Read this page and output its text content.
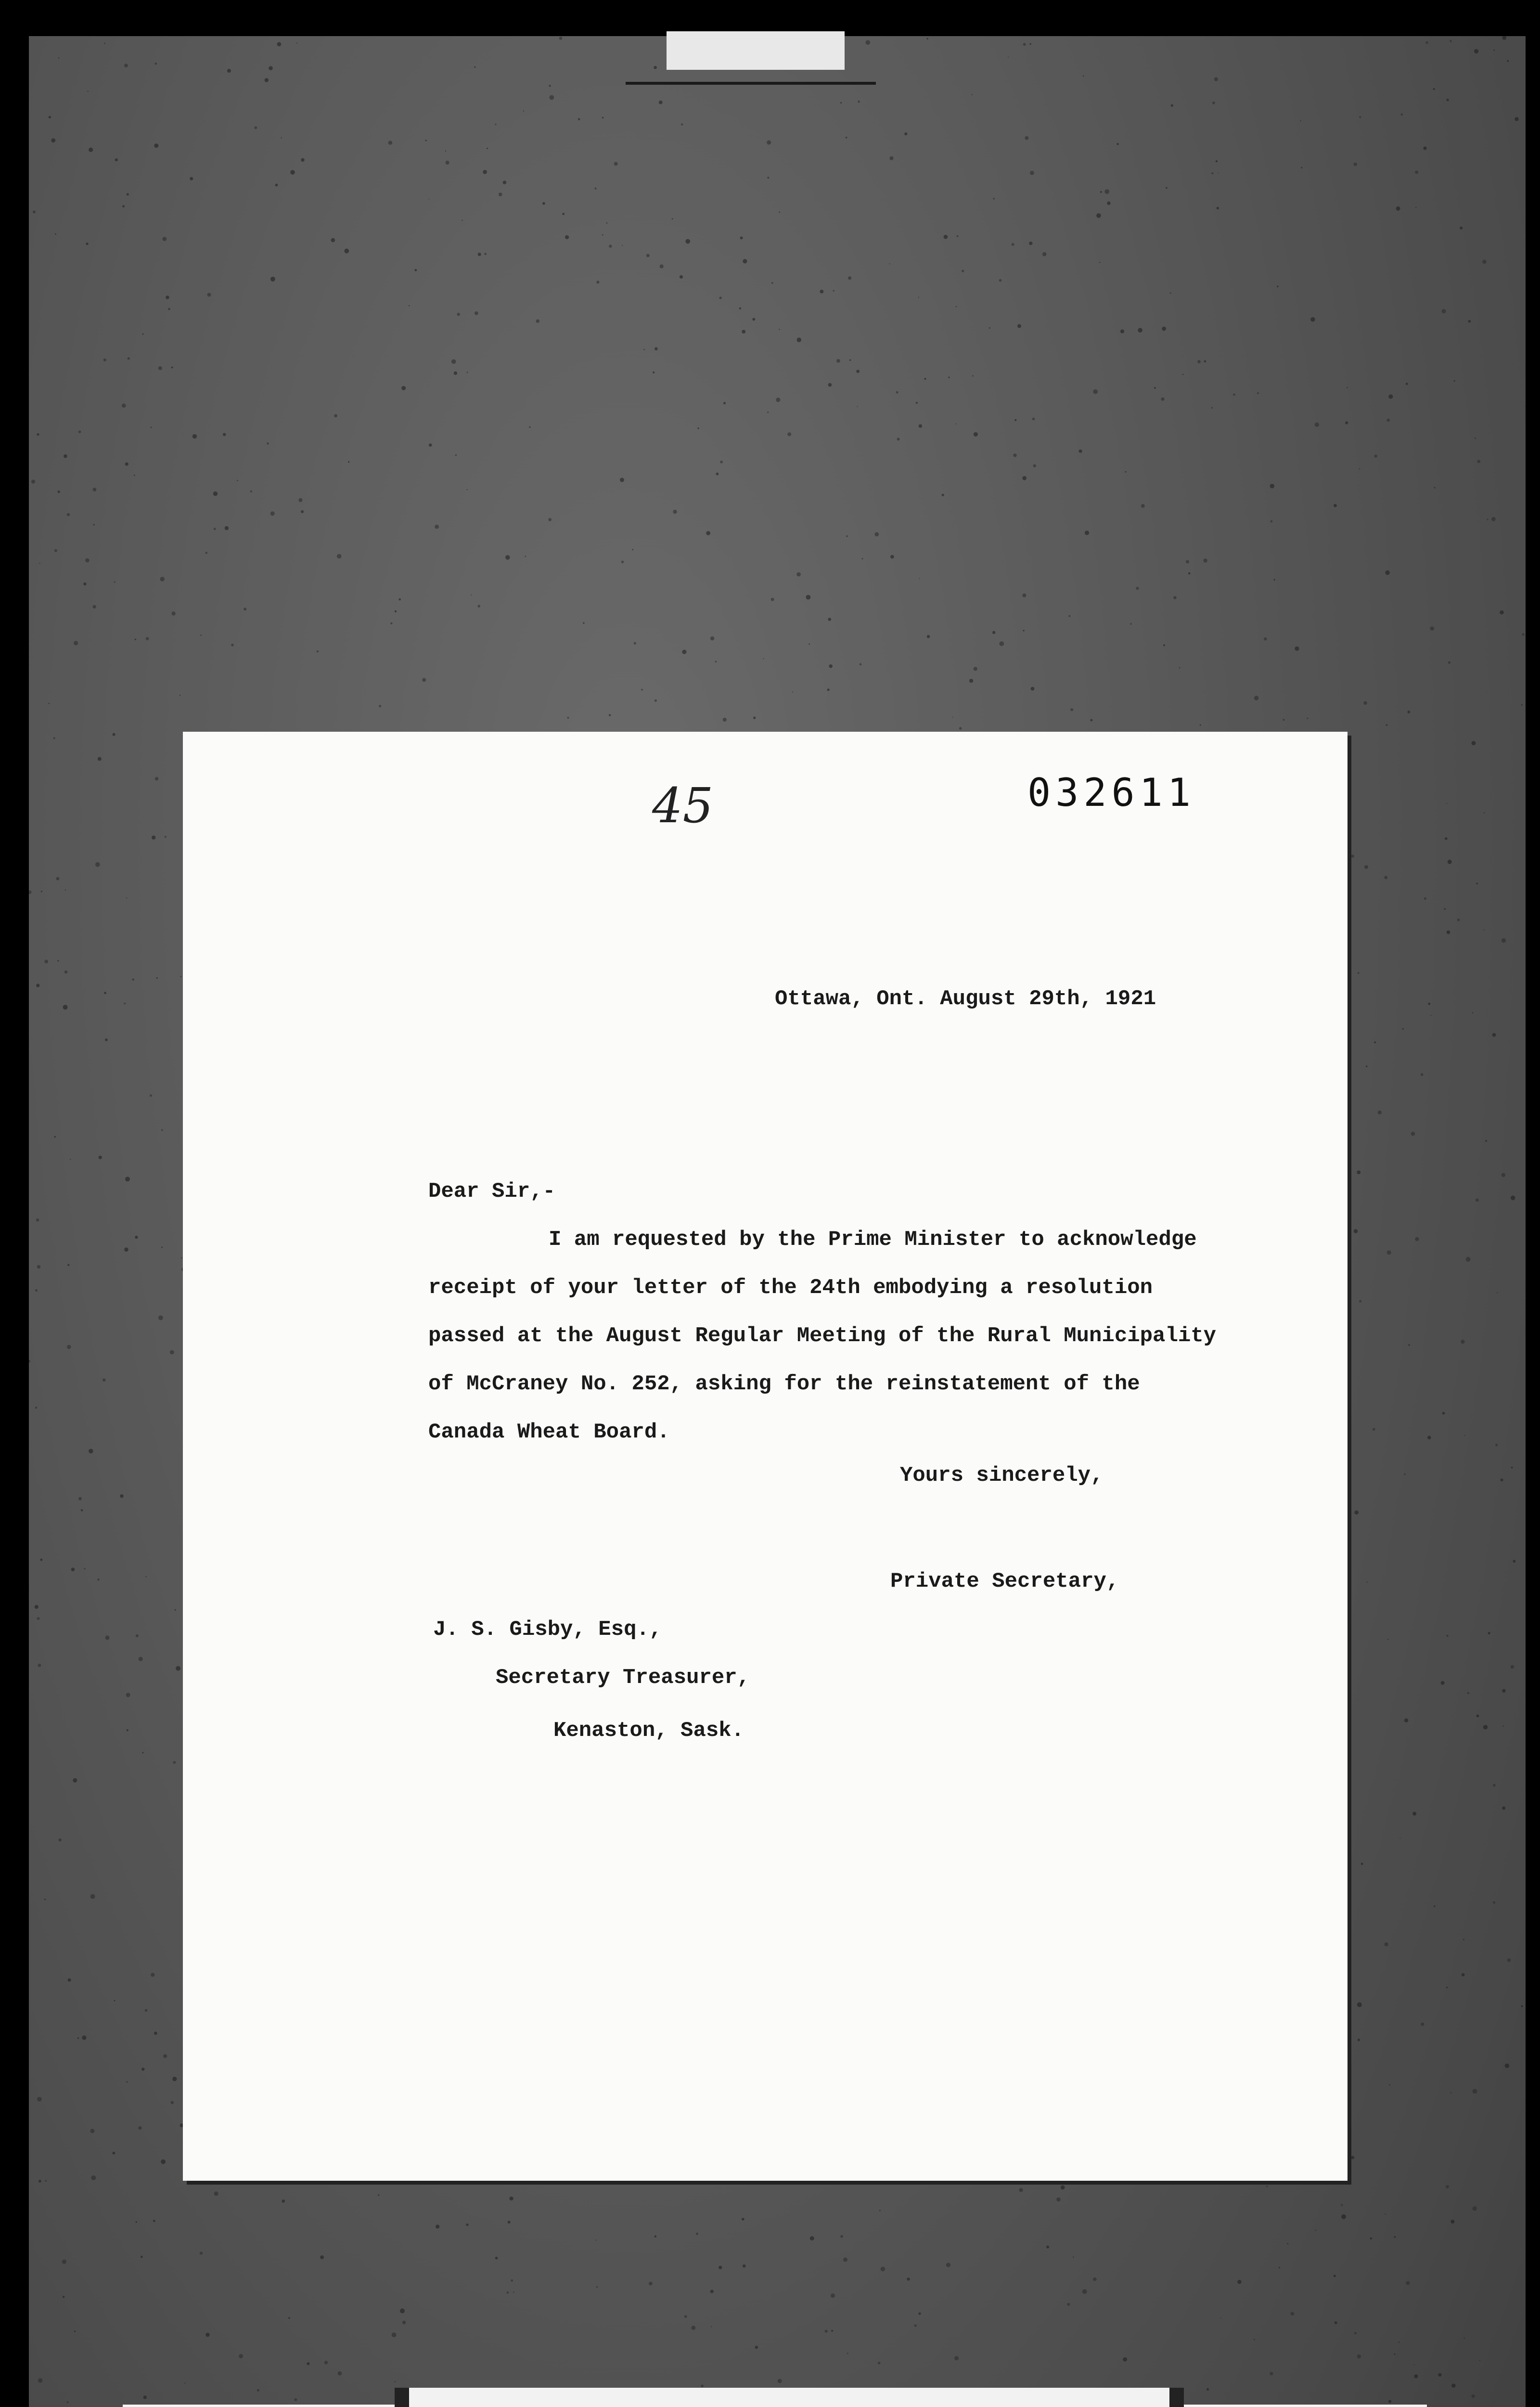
45	032611
Ottawa, Ont. August 29th, 1921
Dear Sir,-
I am requested by the Prime Minister to acknowledge
receipt of your letter of the 24th embodying a resolution
passed at the August Regular Meeting of the Rural Municipality
of McCraney No. 252, asking for the reinstatement of the
Canada Wheat Board.
Yours sincerely,
Private Secretary,
J. S. Gisby, Esq.,
Secretary Treasurer,
Kenaston, Sask.
